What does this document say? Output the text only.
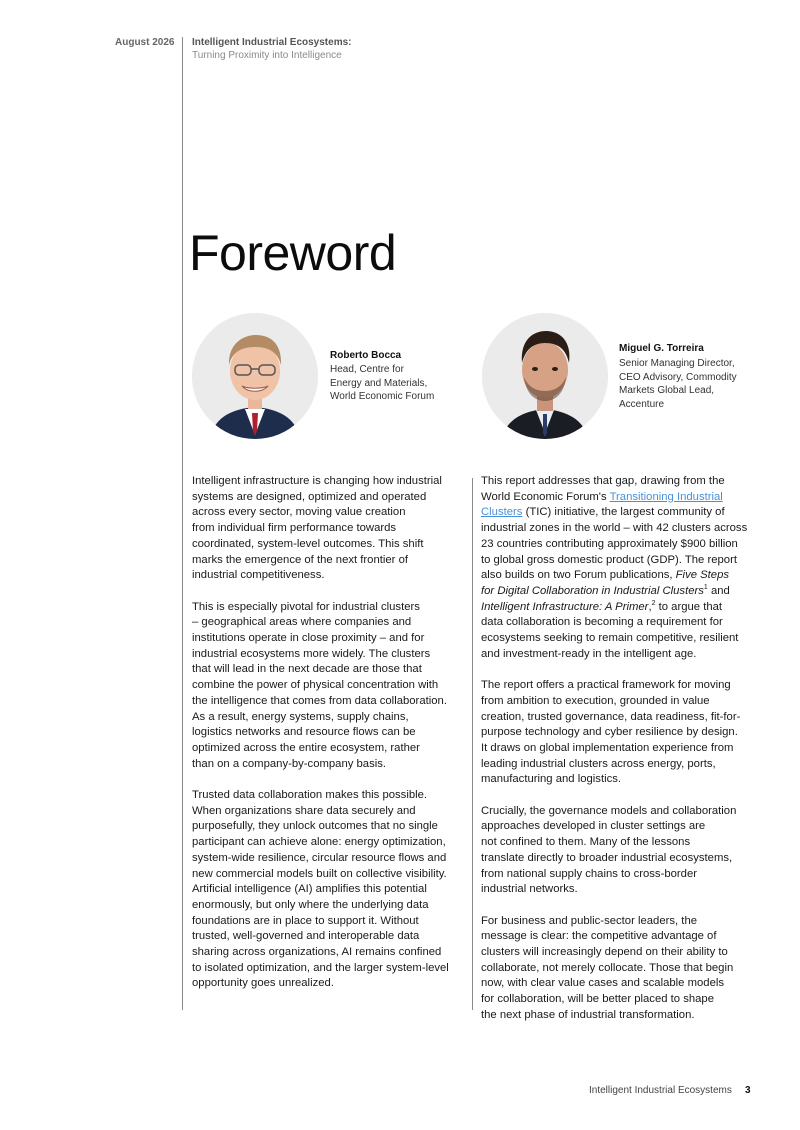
August 2026 Intelligent Industrial Ecosystems:
Turning Proximity into Intelligence
Foreword
Roberto Bocca
Head, Centre for
Energy and Materials,
World Economic Forum
Miguel G. Torreira
Senior Managing Director,
CEO Advisory, Commodity
Markets Global Lead,
Accenture

Intelligent infrastructure is changing how industrial
systems are designed, optimized and operated
across every sector, moving value creation
from individual firm performance towards
coordinated, system-level outcomes. This shift
marks the emergence of the next frontier of
industrial competitiveness.

This is especially pivotal for industrial clusters
– geographical areas where companies and
institutions operate in close proximity – and for
industrial ecosystems more widely. The clusters
that will lead in the next decade are those that
combine the power of physical concentration with
the intelligence that comes from data collaboration.
As a result, energy systems, supply chains,
logistics networks and resource flows can be
optimized across the entire ecosystem, rather
than on a company-by-company basis.

Trusted data collaboration makes this possible.
When organizations share data securely and
purposefully, they unlock outcomes that no single
participant can achieve alone: energy optimization,
system-wide resilience, circular resource flows and
new commercial models built on collective visibility.
Artificial intelligence (AI) amplifies this potential
enormously, but only where the underlying data
foundations are in place to support it. Without
trusted, well-governed and interoperable data
sharing across organizations, AI remains confined
to isolated optimization, and the larger system-level
opportunity goes unrealized.

This report addresses that gap, drawing from the
World Economic Forum's Transitioning Industrial
Clusters (TIC) initiative, the largest community of
industrial zones in the world – with 42 clusters across
23 countries contributing approximately $900 billion
to global gross domestic product (GDP). The report
also builds on two Forum publications, Five Steps
for Digital Collaboration in Industrial Clusters$^1$ and
Intelligent Infrastructure: A Primer,$^2$ to argue that
data collaboration is becoming a requirement for
ecosystems seeking to remain competitive, resilient
and investment-ready in the intelligent age.

The report offers a practical framework for moving
from ambition to execution, grounded in value
creation, trusted governance, data readiness, fit-for-
purpose technology and cyber resilience by design.
It draws on global implementation experience from
leading industrial clusters across energy, ports,
manufacturing and logistics.

Crucially, the governance models and collaboration
approaches developed in cluster settings are
not confined to them. Many of the lessons
translate directly to broader industrial ecosystems,
from national supply chains to cross-border
industrial networks.

For business and public-sector leaders, the
message is clear: the competitive advantage of
clusters will increasingly depend on their ability to
collaborate, not merely collocate. Those that begin
now, with clear value cases and scalable models
for collaboration, will be better placed to shape
the next phase of industrial transformation.

Intelligent Industrial Ecosystems 3
